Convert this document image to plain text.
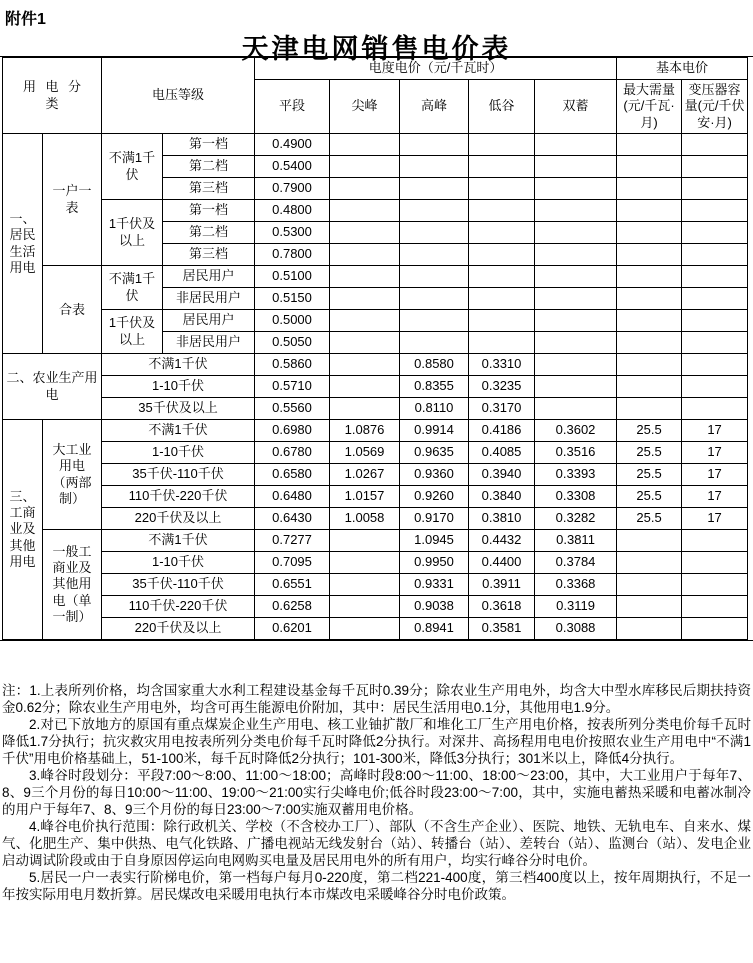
附件1
天津电网销售电价表
用 电 分 类		电压等级		电度电价（元/千瓦时）					基本电价	
				平段	尖峰	高峰	低谷	双蓄	最大需量(元/千瓦·月)	变压器容量(元/千伏安·月)
一、居民生活用电	一户一表	不满1千伏	第一档	0.4900						
			第二档	0.5400						
			第三档	0.7900						
		1千伏及以上	第一档	0.4800						
			第二档	0.5300						
			第三档	0.7800						
	合表	不满1千伏	居民用户	0.5100						
			非居民用户	0.5150						
		1千伏及以上	居民用户	0.5000						
			非居民用户	0.5050						
二、农业生产用电		不满1千伏		0.5860		0.8580	0.3310			
		1-10千伏		0.5710		0.8355	0.3235			
		35千伏及以上		0.5560		0.8110	0.3170			
三、工商业及其他用电	大工业用电（两部制）	不满1千伏		0.6980	1.0876	0.9914	0.4186	0.3602	25.5	17
		1-10千伏		0.6780	1.0569	0.9635	0.4085	0.3516	25.5	17
		35千伏-110千伏		0.6580	1.0267	0.9360	0.3940	0.3393	25.5	17
		110千伏-220千伏		0.6480	1.0157	0.9260	0.3840	0.3308	25.5	17
		220千伏及以上		0.6430	1.0058	0.9170	0.3810	0.3282	25.5	17
	一般工商业及其他用电（单一制）	不满1千伏		0.7277		1.0945	0.4432	0.3811		
		1-10千伏		0.7095		0.9950	0.4400	0.3784		
		35千伏-110千伏		0.6551		0.9331	0.3911	0.3368		
		110千伏-220千伏		0.6258		0.9038	0.3618	0.3119		
		220千伏及以上		0.6201		0.8941	0.3581	0.3088		

注：1.上表所列价格，均含国家重大水利工程建设基金每千瓦时0.39分；除农业生产用电外，均含大中型水库移民后期扶持资金0.62分；除农业生产用电外，均含可再生能源电价附加，其中：居民生活用电0.1分，其他用电1.9分。

2.对已下放地方的原国有重点煤炭企业生产用电、核工业铀扩散厂和堆化工厂生产用电价格，按表所列分类电价每千瓦时降低1.7分执行；抗灾救灾用电按表所列分类电价每千瓦时降低2分执行。对深井、高扬程用电电价按照农业生产用电中“不满1千伏”用电价格基础上，51-100米，每千瓦时降低2分执行；101-300米，降低3分执行；301米以上，降低4分执行。

3.峰谷时段划分：平段7:00～8:00、11:00～18:00；高峰时段8:00～11:00、18:00～23:00，其中，大工业用户于每年7、8、9三个月份的每日10:00～11:00、19:00～21:00实行尖峰电价;低谷时段23:00～7:00，其中，实施电蓄热采暖和电蓄冰制冷的用户于每年7、8、9三个月份的每日23:00～7:00实施双蓄用电价格。

4.峰谷电价执行范围：除行政机关、学校（不含校办工厂）、部队（不含生产企业）、医院、地铁、无轨电车、自来水、煤气、化肥生产、集中供热、电气化铁路、广播电视站无线发射台（站）、转播台（站）、差转台（站）、监测台（站）、发电企业启动调试阶段或由于自身原因停运向电网购买电量及居民用电外的所有用户，均实行峰谷分时电价。

5.居民一户一表实行阶梯电价，第一档每户每月0-220度，第二档221-400度，第三档400度以上，按年周期执行，不足一年按实际用电月数折算。居民煤改电采暖用电执行本市煤改电采暖峰谷分时电价政策。
